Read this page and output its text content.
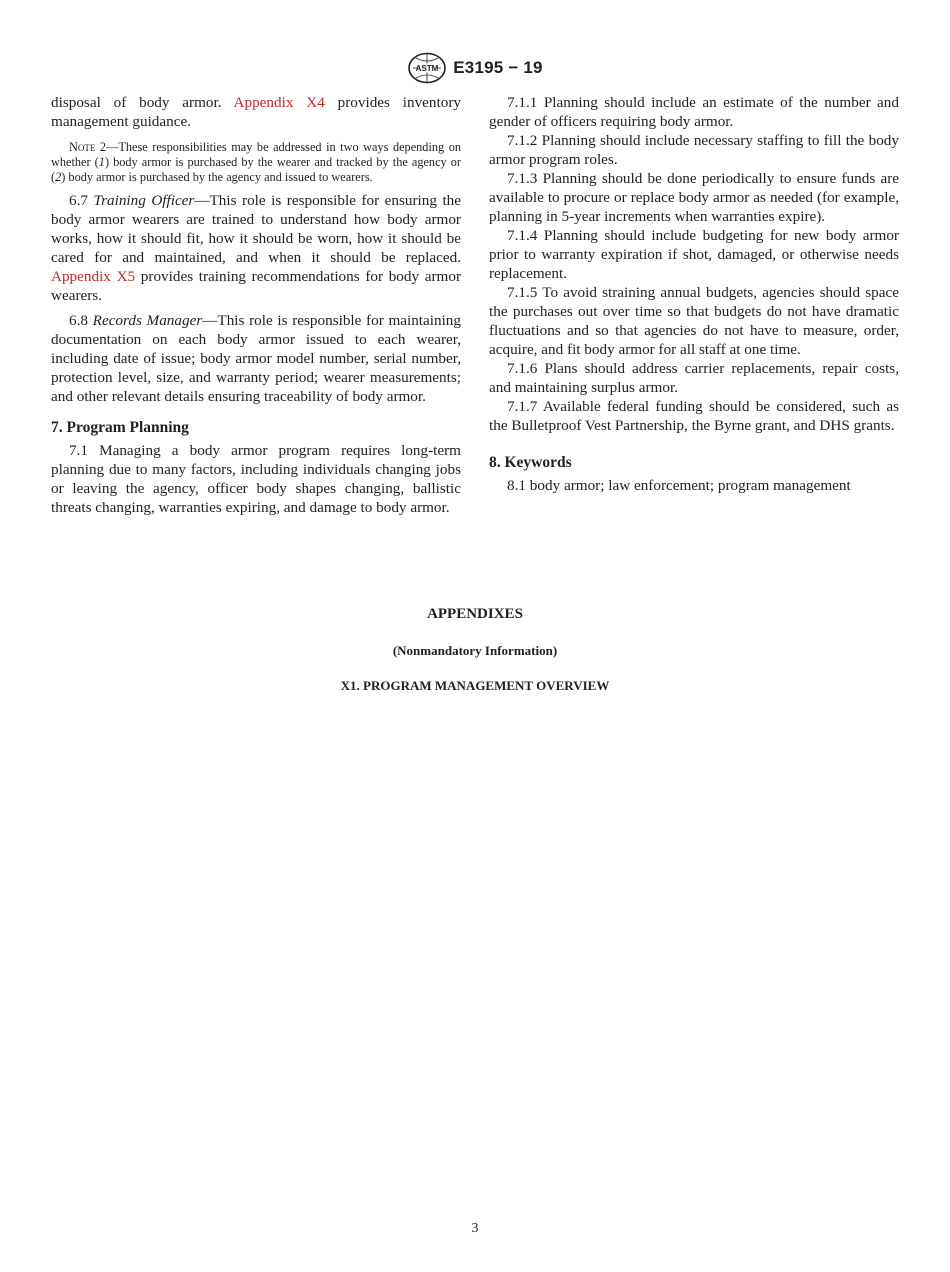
ASTM E3195 − 19

disposal of body armor. Appendix X4 provides inventory management guidance.

Note 2—These responsibilities may be addressed in two ways depending on whether (1) body armor is purchased by the wearer and tracked by the agency or (2) body armor is purchased by the agency and issued to wearers.

6.7 Training Officer—This role is responsible for ensuring the body armor wearers are trained to understand how body armor works, how it should fit, how it should be worn, how it should be cared for and maintained, and when it should be replaced. Appendix X5 provides training recommendations for body armor wearers.

6.8 Records Manager—This role is responsible for maintaining documentation on each body armor issued to each wearer, including date of issue; body armor model number, serial number, protection level, size, and warranty period; wearer measurements; and other relevant details ensuring traceability of body armor.

7. Program Planning

7.1 Managing a body armor program requires long-term planning due to many factors, including individuals changing jobs or leaving the agency, officer body shapes changing, ballistic threats changing, warranties expiring, and damage to body armor.

7.1.1 Planning should include an estimate of the number and gender of officers requiring body armor.

7.1.2 Planning should include necessary staffing to fill the body armor program roles.

7.1.3 Planning should be done periodically to ensure funds are available to procure or replace body armor as needed (for example, planning in 5-year increments when warranties expire).

7.1.4 Planning should include budgeting for new body armor prior to warranty expiration if shot, damaged, or otherwise needs replacement.

7.1.5 To avoid straining annual budgets, agencies should space the purchases out over time so that budgets do not have dramatic fluctuations and so that agencies do not have to measure, order, acquire, and fit body armor for all staff at one time.

7.1.6 Plans should address carrier replacements, repair costs, and maintaining surplus armor.

7.1.7 Available federal funding should be considered, such as the Bulletproof Vest Partnership, the Byrne grant, and DHS grants.

8. Keywords

8.1 body armor; law enforcement; program management

APPENDIXES
(Nonmandatory Information)
X1. PROGRAM MANAGEMENT OVERVIEW
3
